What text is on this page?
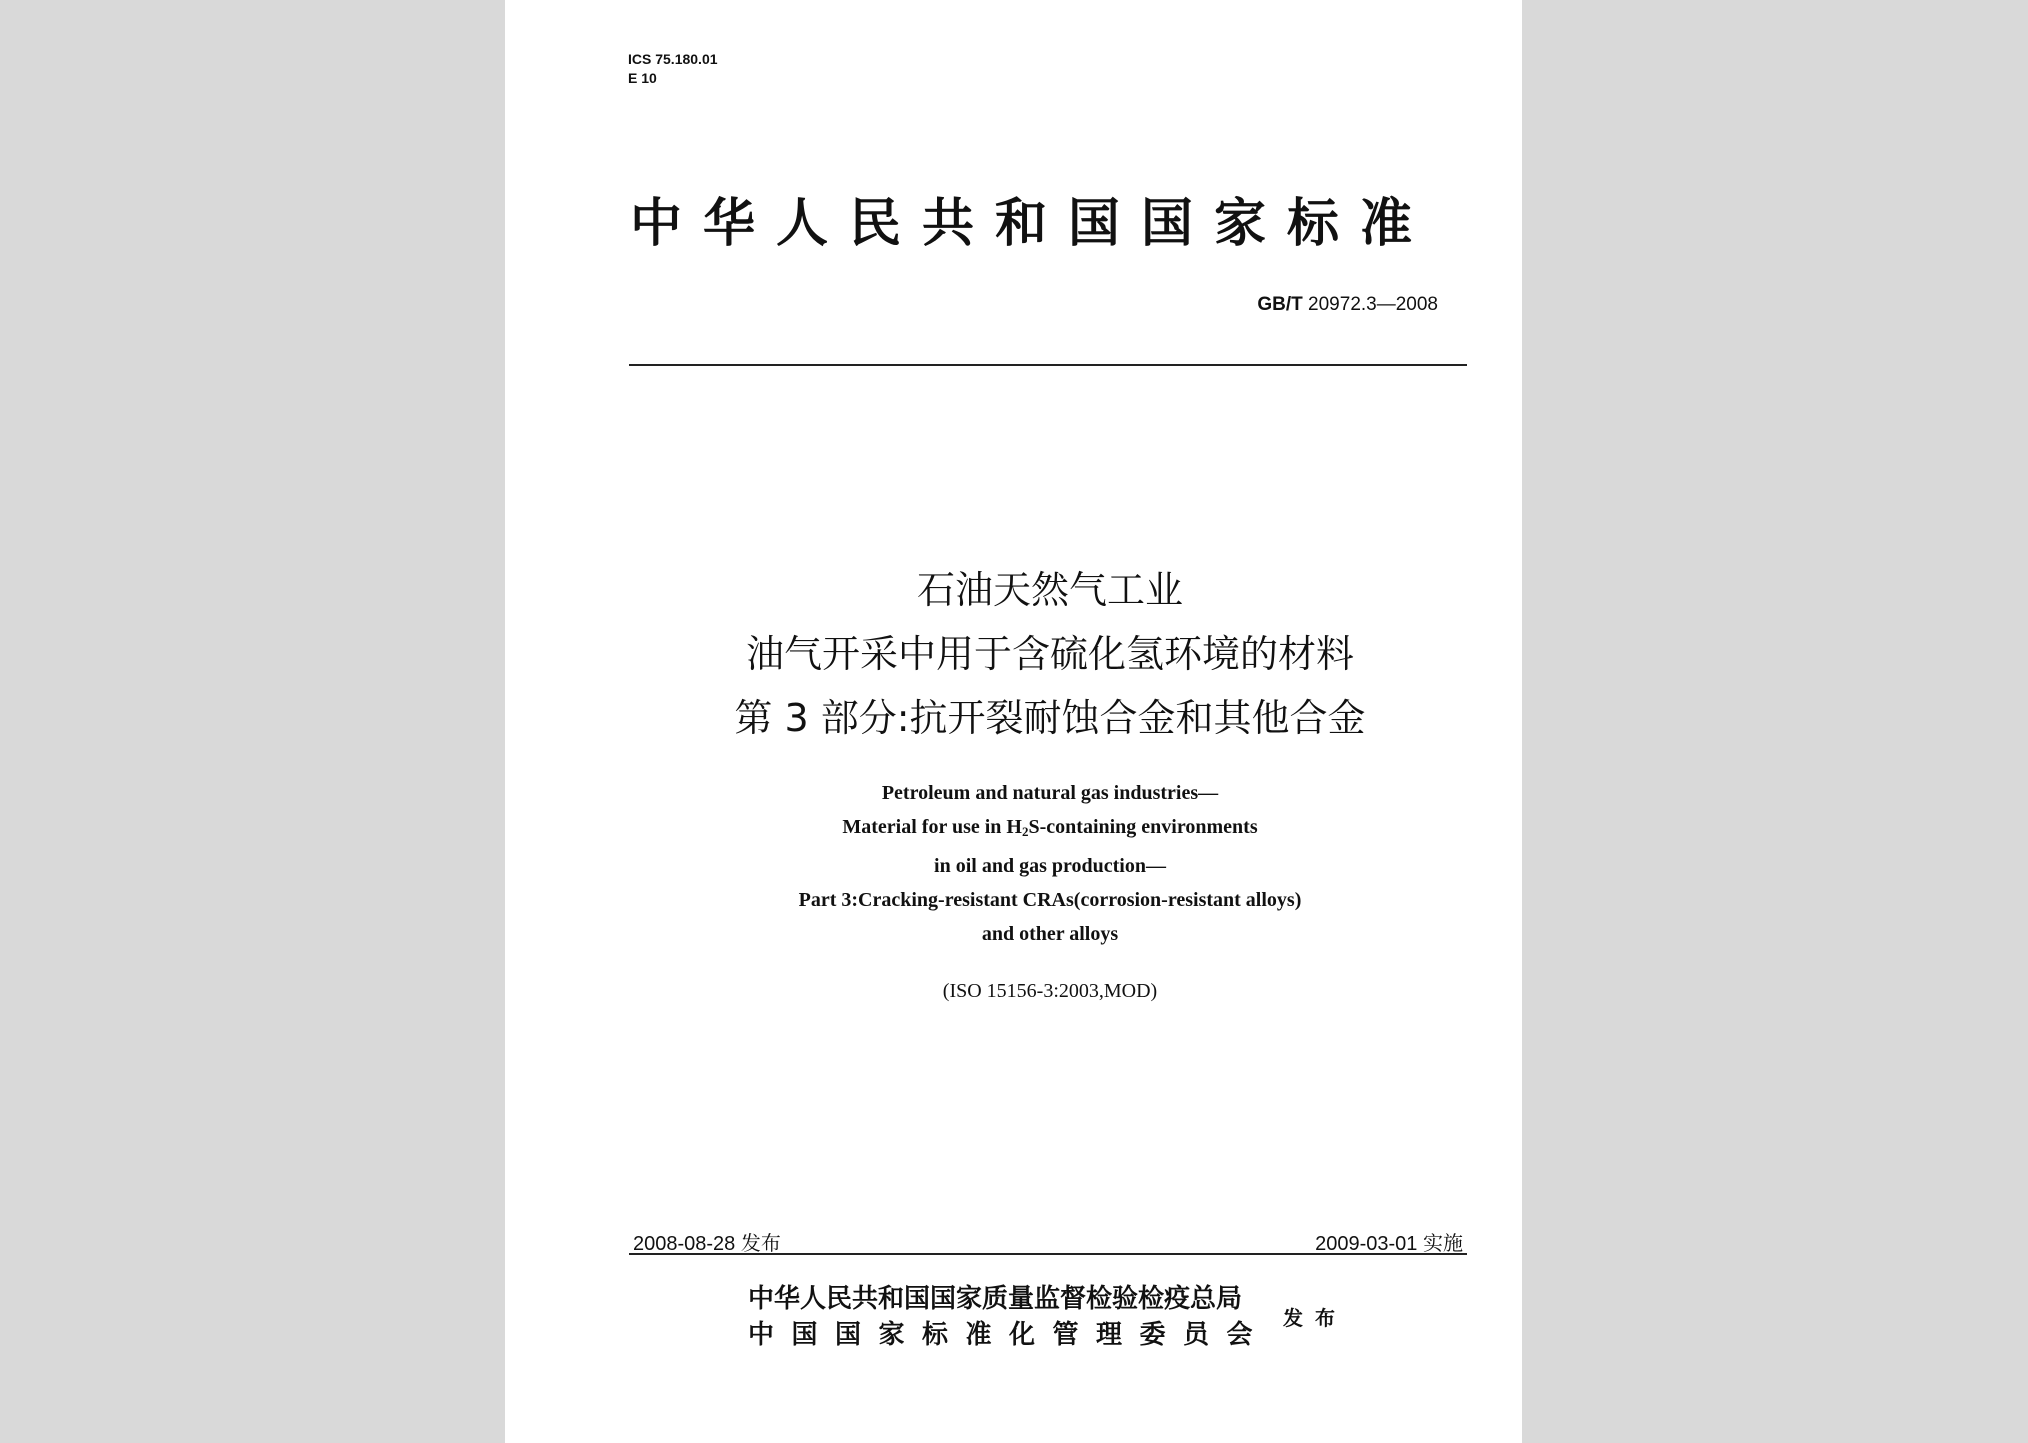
ICS 75.180.01
E 10
中华人民共和国国家标准
GB/T 20972.3—2008
石油天然气工业
油气开采中用于含硫化氢环境的材料
第 3 部分:抗开裂耐蚀合金和其他合金
Petroleum and natural gas industries—
Material for use in $H_2S$-containing environments
in oil and gas production—
Part 3:Cracking-resistant CRAs(corrosion-resistant alloys)
and other alloys
(ISO 15156-3:2003,MOD)
2008-08-28 发布	2009-03-01 实施
中华人民共和国国家质量监督检验检疫总局
中国国家标准化管理委员会
发布
